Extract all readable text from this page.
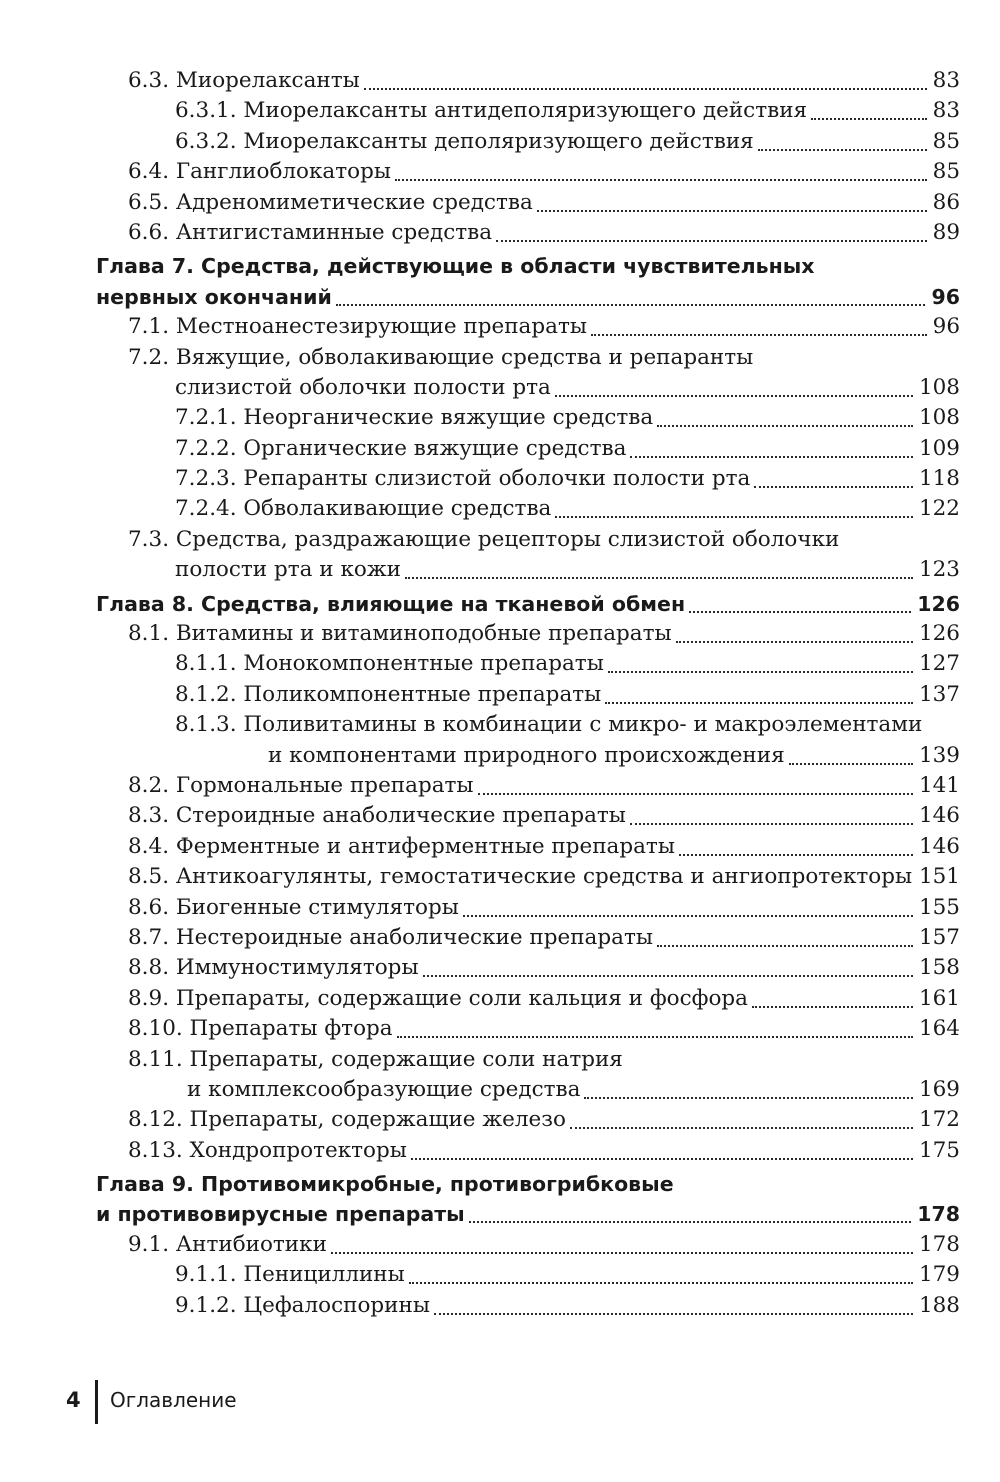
6.3. Миорелаксанты	83
6.3.1. Миорелаксанты антидеполяризующего действия	83
6.3.2. Миорелаксанты деполяризующего действия	85
6.4. Ганглиоблокаторы	85
6.5. Адреномиметические средства	86
6.6. Антигистаминные средства	89
Глава 7. Средства, действующие в области чувствительных
нервных окончаний	96
7.1. Местноанестезирующие препараты	96
7.2. Вяжущие, обволакивающие средства и репаранты
слизистой оболочки полости рта	108
7.2.1. Неорганические вяжущие средства	108
7.2.2. Органические вяжущие средства	109
7.2.3. Репаранты слизистой оболочки полости рта	118
7.2.4. Обволакивающие средства	122
7.3. Средства, раздражающие рецепторы слизистой оболочки
полости рта и кожи	123
Глава 8. Средства, влияющие на тканевой обмен	126
8.1. Витамины и витаминоподобные препараты	126
8.1.1. Монокомпонентные препараты	127
8.1.2. Поликомпонентные препараты	137
8.1.3. Поливитамины в комбинации с микро- и макроэлементами
и компонентами природного происхождения	139
8.2. Гормональные препараты	141
8.3. Стероидные анаболические препараты	146
8.4. Ферментные и антиферментные препараты	146
8.5. Антикоагулянты, гемостатические средства и ангиопротекторы 151
8.6. Биогенные стимуляторы	155
8.7. Нестероидные анаболические препараты	157
8.8. Иммуностимуляторы	158
8.9. Препараты, содержащие соли кальция и фосфора	161
8.10. Препараты фтора	164
8.11. Препараты, содержащие соли натрия
и комплексообразующие средства	169
8.12. Препараты, содержащие железо	172
8.13. Хондропротекторы	175
Глава 9. Противомикробные, противогрибковые
и противовирусные препараты	178
9.1. Антибиотики	178
9.1.1. Пенициллины	179
9.1.2. Цефалоспорины	188
4 Оглавление
